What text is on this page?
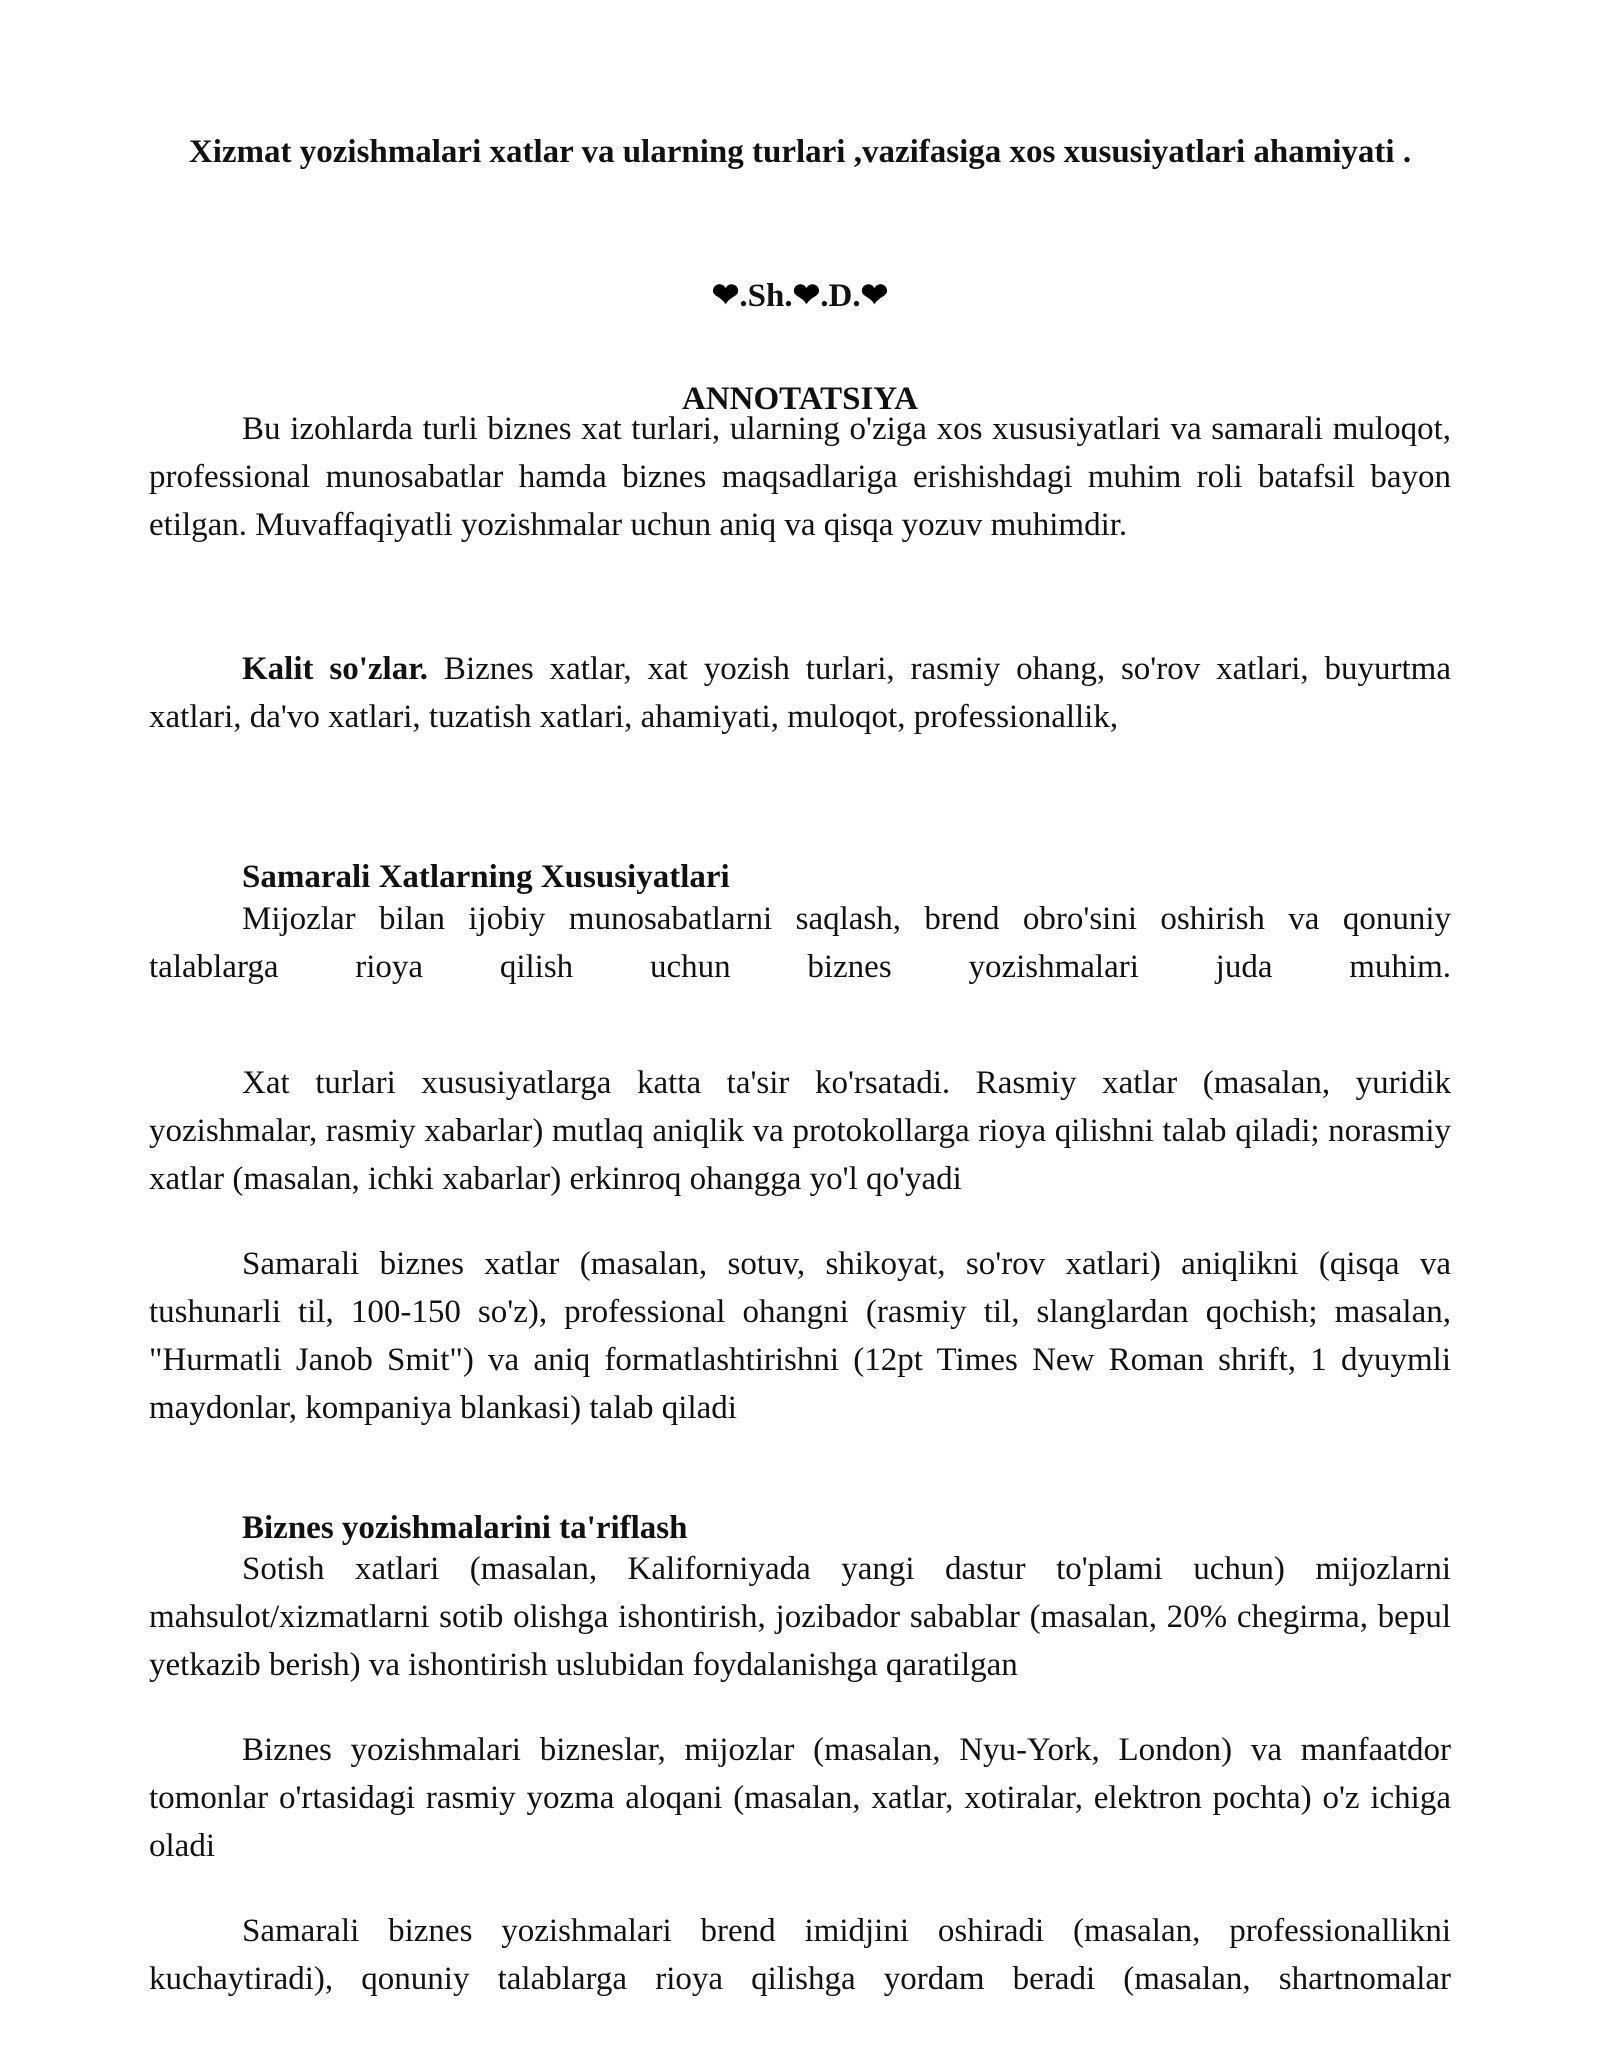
Xizmat yozishmalari xatlar va ularning turlari ,vazifasiga xos xususiyatlari ahamiyati .
❤.Sh.❤.D.❤
ANNOTATSIYA

Bu izohlarda turli biznes xat turlari, ularning o'ziga xos xususiyatlari va samarali muloqot, professional munosabatlar hamda biznes maqsadlariga erishishdagi muhim roli batafsil bayon etilgan. Muvaffaqiyatli yozishmalar uchun aniq va qisqa yozuv muhimdir.

Kalit so'zlar. Biznes xatlar, xat yozish turlari, rasmiy ohang, so'rov xatlari, buyurtma xatlari, da'vo xatlari, tuzatish xatlari, ahamiyati, muloqot, professionallik,

Samarali Xatlarning Xususiyatlari

Mijozlar bilan ijobiy munosabatlarni saqlash, brend obro'sini oshirish va qonuniy talablarga rioya qilish uchun biznes yozishmalari juda muhim.

Xat turlari xususiyatlarga katta ta'sir ko'rsatadi. Rasmiy xatlar (masalan, yuridik yozishmalar, rasmiy xabarlar) mutlaq aniqlik va protokollarga rioya qilishni talab qiladi; norasmiy xatlar (masalan, ichki xabarlar) erkinroq ohangga yo'l qo'yadi

Samarali biznes xatlar (masalan, sotuv, shikoyat, so'rov xatlari) aniqlikni (qisqa va tushunarli til, 100-150 so'z), professional ohangni (rasmiy til, slanglardan qochish; masalan, "Hurmatli Janob Smit") va aniq formatlashtirishni (12pt Times New Roman shrift, 1 dyuymli maydonlar, kompaniya blankasi) talab qiladi

Biznes yozishmalarini ta'riflash

Sotish xatlari (masalan, Kaliforniyada yangi dastur to'plami uchun) mijozlarni mahsulot/xizmatlarni sotib olishga ishontirish, jozibador sabablar (masalan, 20% chegirma, bepul yetkazib berish) va ishontirish uslubidan foydalanishga qaratilgan

Biznes yozishmalari bizneslar, mijozlar (masalan, Nyu-York, London) va manfaatdor tomonlar o'rtasidagi rasmiy yozma aloqani (masalan, xatlar, xotiralar, elektron pochta) o'z ichiga oladi

Samarali biznes yozishmalari brend imidjini oshiradi (masalan, professionallikni kuchaytiradi), qonuniy talablarga rioya qilishga yordam beradi (masalan, shartnomalar
